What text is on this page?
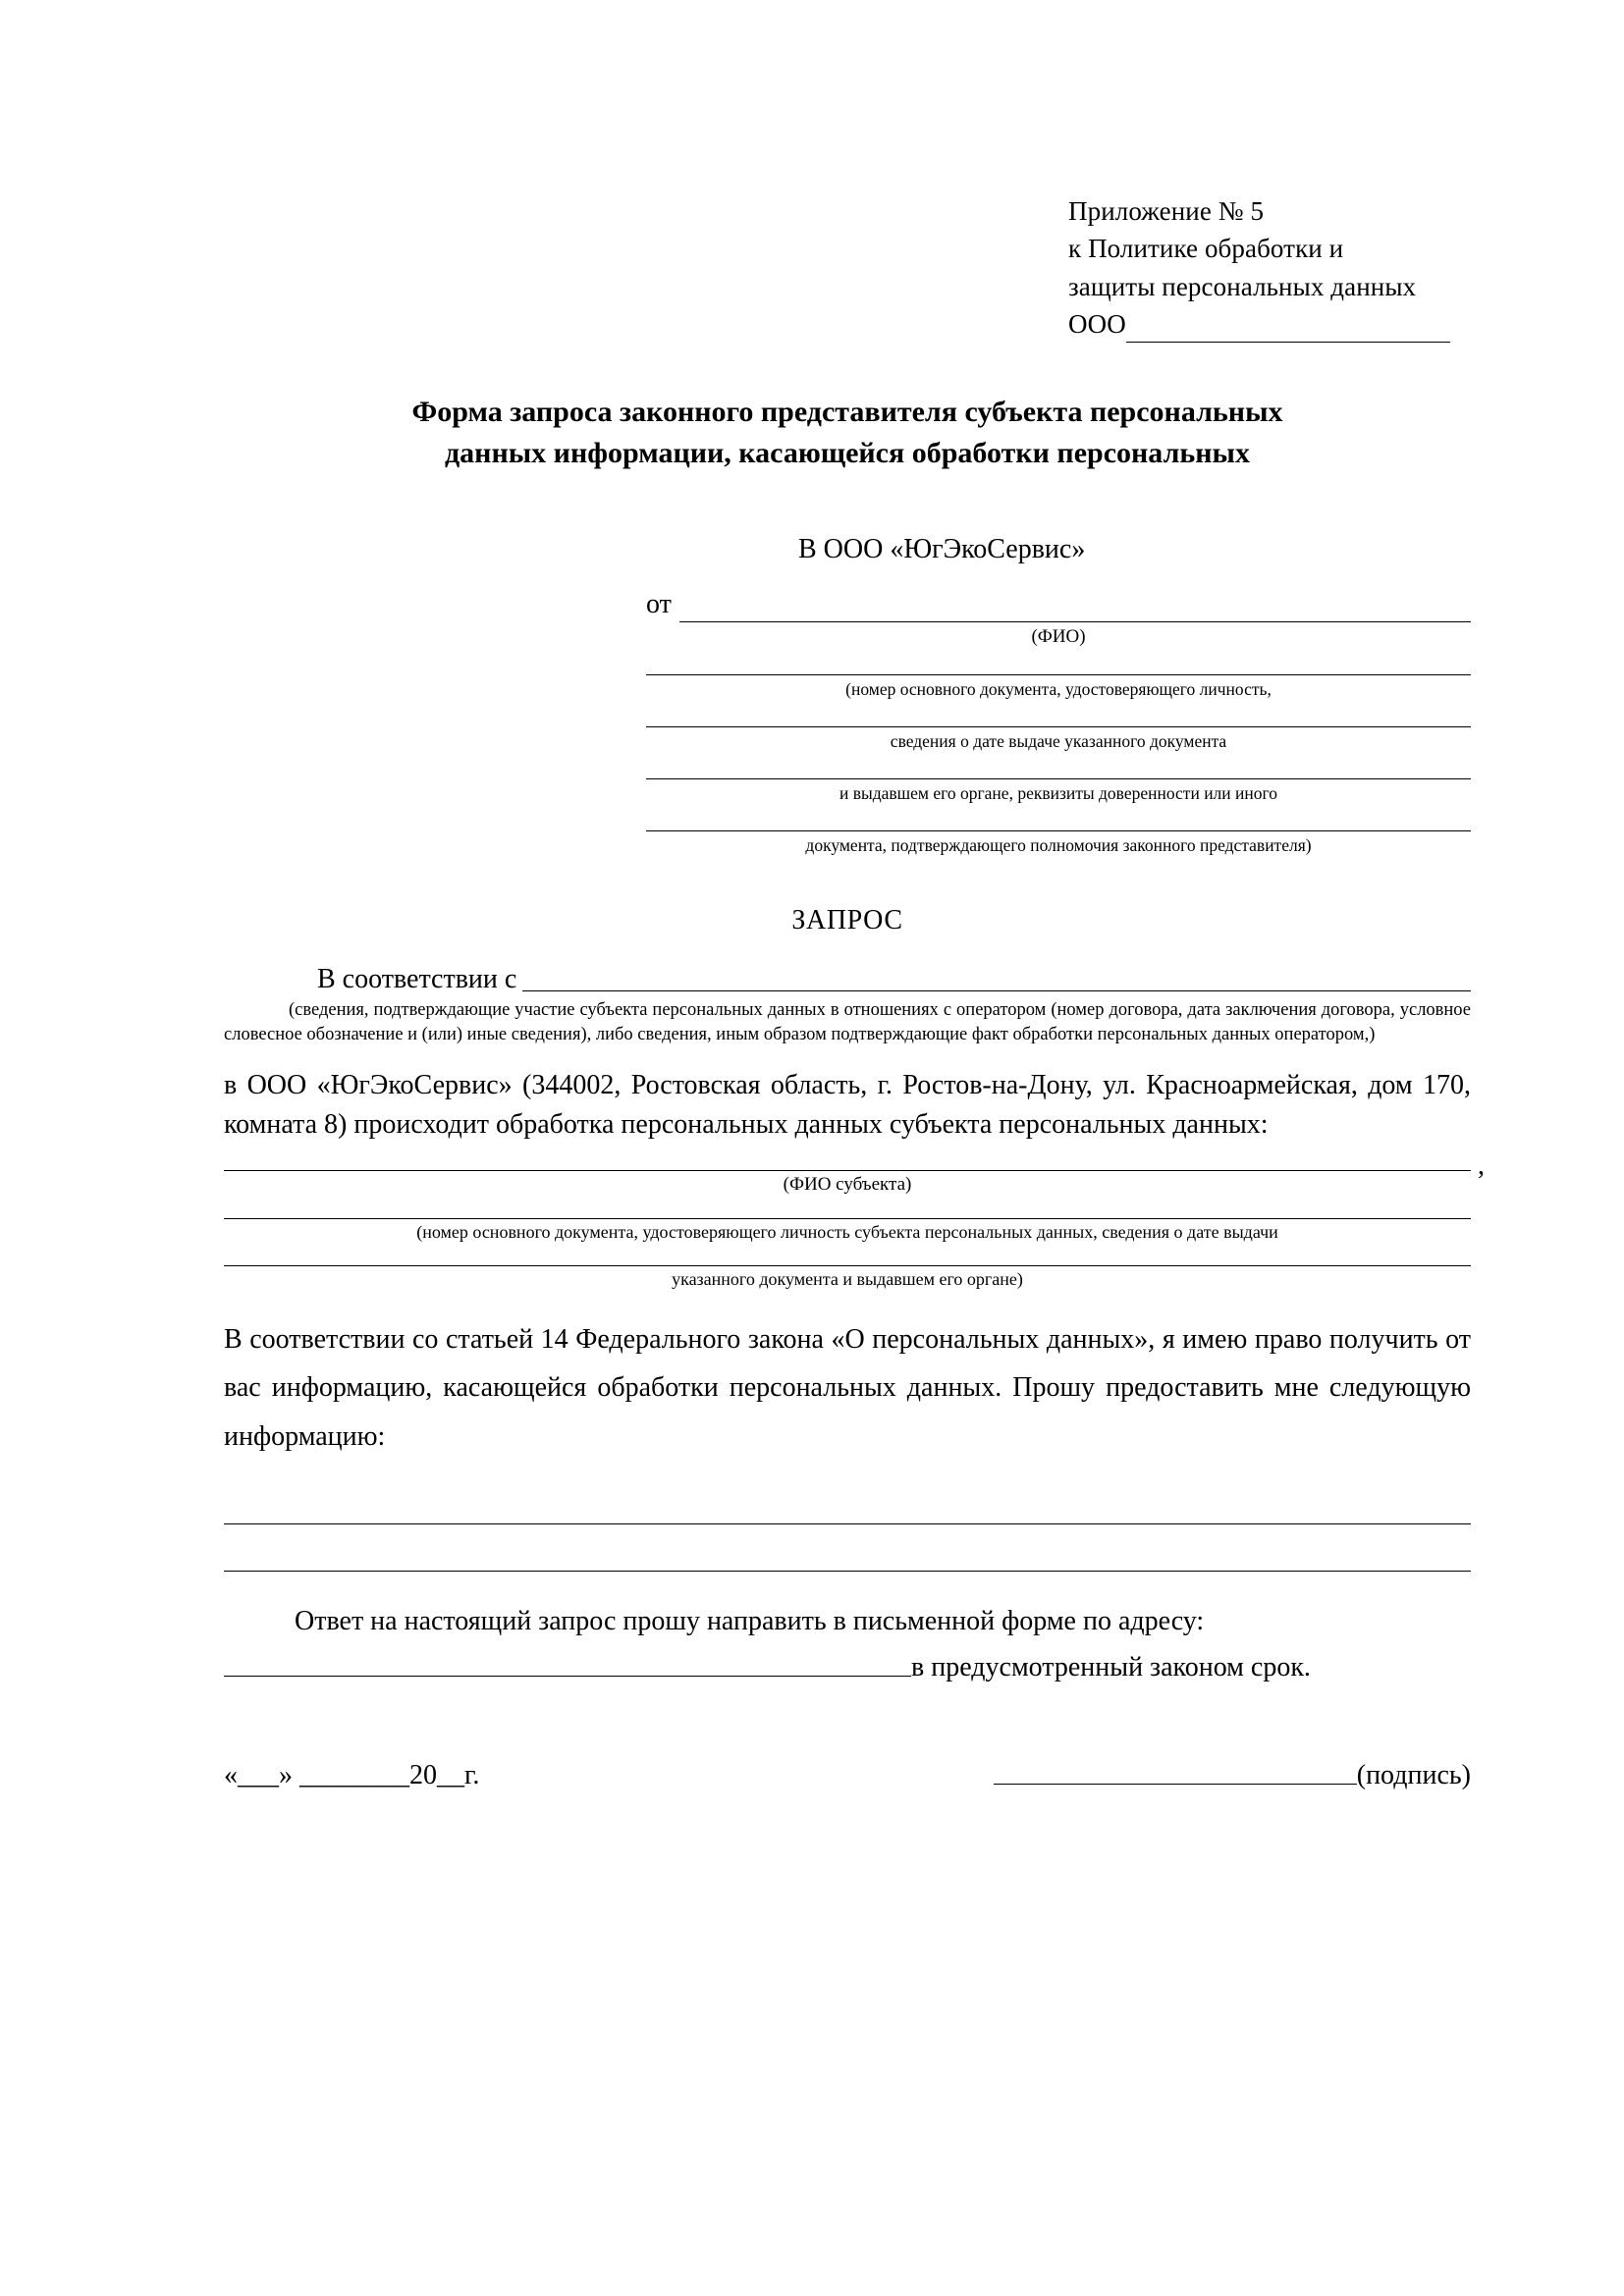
Приложение № 5
к Политике обработки и
защиты персональных данных
ООО
Форма запроса законного представителя субъекта персональных
данных информации, касающейся обработки персональных
В ООО «ЮгЭкоСервис»
от
(ФИО)
(номер основного документа, удостоверяющего личность,
сведения о дате выдаче указанного документа
и выдавшем его органе, реквизиты доверенности или иного
документа, подтверждающего полномочия законного представителя)
ЗАПРОС
В соответствии с
(сведения, подтверждающие участие субъекта персональных данных в отношениях с оператором (номер договора, дата заключения договора, условное словесное обозначение и (или) иные сведения), либо сведения, иным образом подтверждающие факт обработки персональных данных оператором,)
в ООО «ЮгЭкоСервис» (344002, Ростовская область, г. Ростов-на-Дону, ул. Красноармейская, дом 170, комната 8) происходит обработка персональных данных субъекта персональных данных:
,
(ФИО субъекта)
(номер основного документа, удостоверяющего личность субъекта персональных данных, сведения о дате выдачи
указанного документа и выдавшем его органе)
В соответствии со статьей 14 Федерального закона «О персональных данных», я имею право получить от вас информацию, касающейся обработки персональных данных. Прошу предоставить мне следующую информацию:
Ответ на настоящий запрос прошу направить в письменной форме по адресу:
в предусмотренный законом срок.
«___» ________20__г.	(подпись)
